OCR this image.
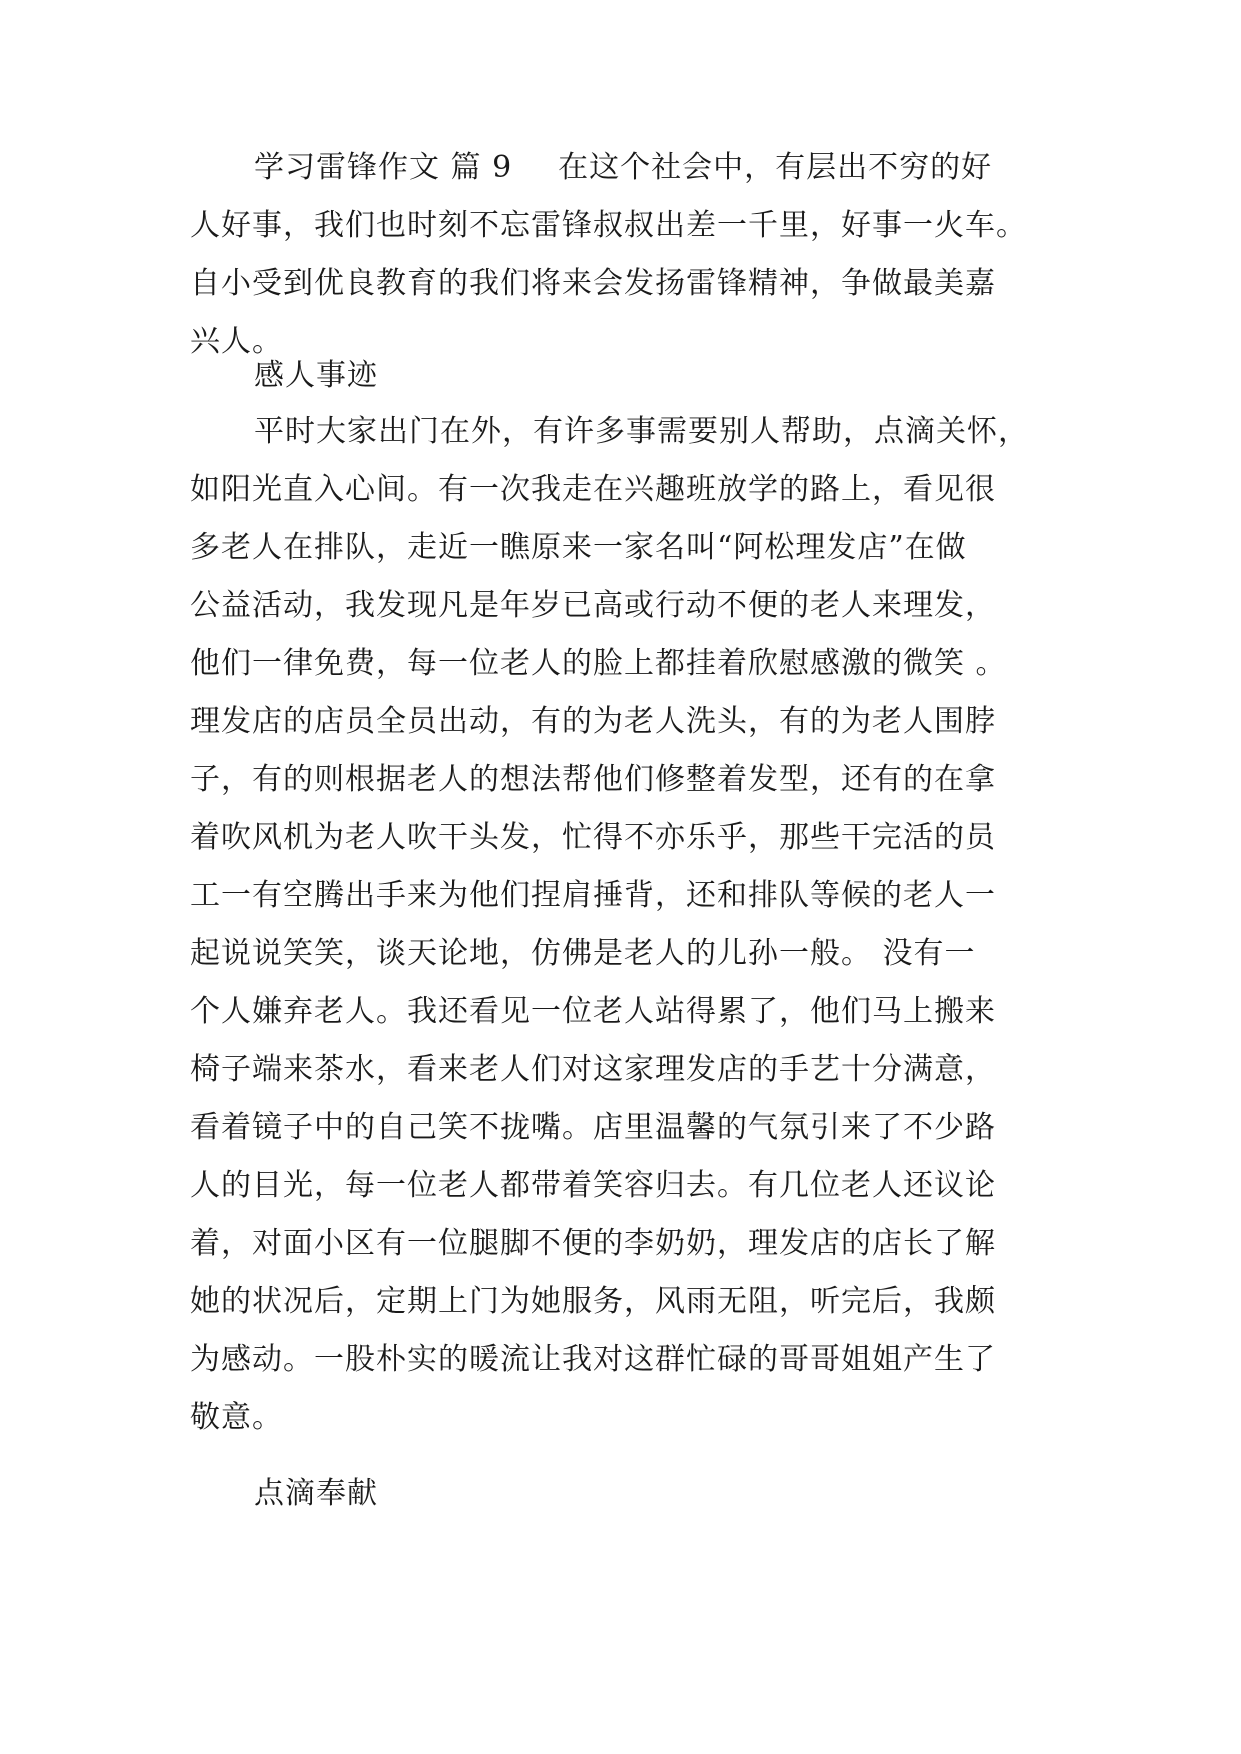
学习雷锋作文 篇 9 在这个社会中，有层出不穷的好
人好事，我们也时刻不忘雷锋叔叔出差一千里，好事一火车。
自小受到优良教育的我们将来会发扬雷锋精神，争做最美嘉
兴人。
感人事迹
平时大家出门在外，有许多事需要别人帮助，点滴关怀，
如阳光直入心间。有一次我走在兴趣班放学的路上，看见很
多老人在排队，走近一瞧原来一家名叫“阿松理发店”在做
公益活动，我发现凡是年岁已高或行动不便的老人来理发，
他们一律免费，每一位老人的脸上都挂着欣慰感激的微笑 。
理发店的店员全员出动，有的为老人洗头，有的为老人围脖
子，有的则根据老人的想法帮他们修整着发型，还有的在拿
着吹风机为老人吹干头发，忙得不亦乐乎，那些干完活的员
工一有空腾出手来为他们捏肩捶背，还和排队等候的老人一
起说说笑笑，谈天论地，仿佛是老人的儿孙一般。 没有一
个人嫌弃老人。我还看见一位老人站得累了，他们马上搬来
椅子端来茶水，看来老人们对这家理发店的手艺十分满意，
看着镜子中的自己笑不拢嘴。店里温馨的气氛引来了不少路
人的目光，每一位老人都带着笑容归去。有几位老人还议论
着，对面小区有一位腿脚不便的李奶奶，理发店的店长了解
她的状况后，定期上门为她服务，风雨无阻，听完后，我颇
为感动。一股朴实的暖流让我对这群忙碌的哥哥姐姐产生了
敬意。
点滴奉献
